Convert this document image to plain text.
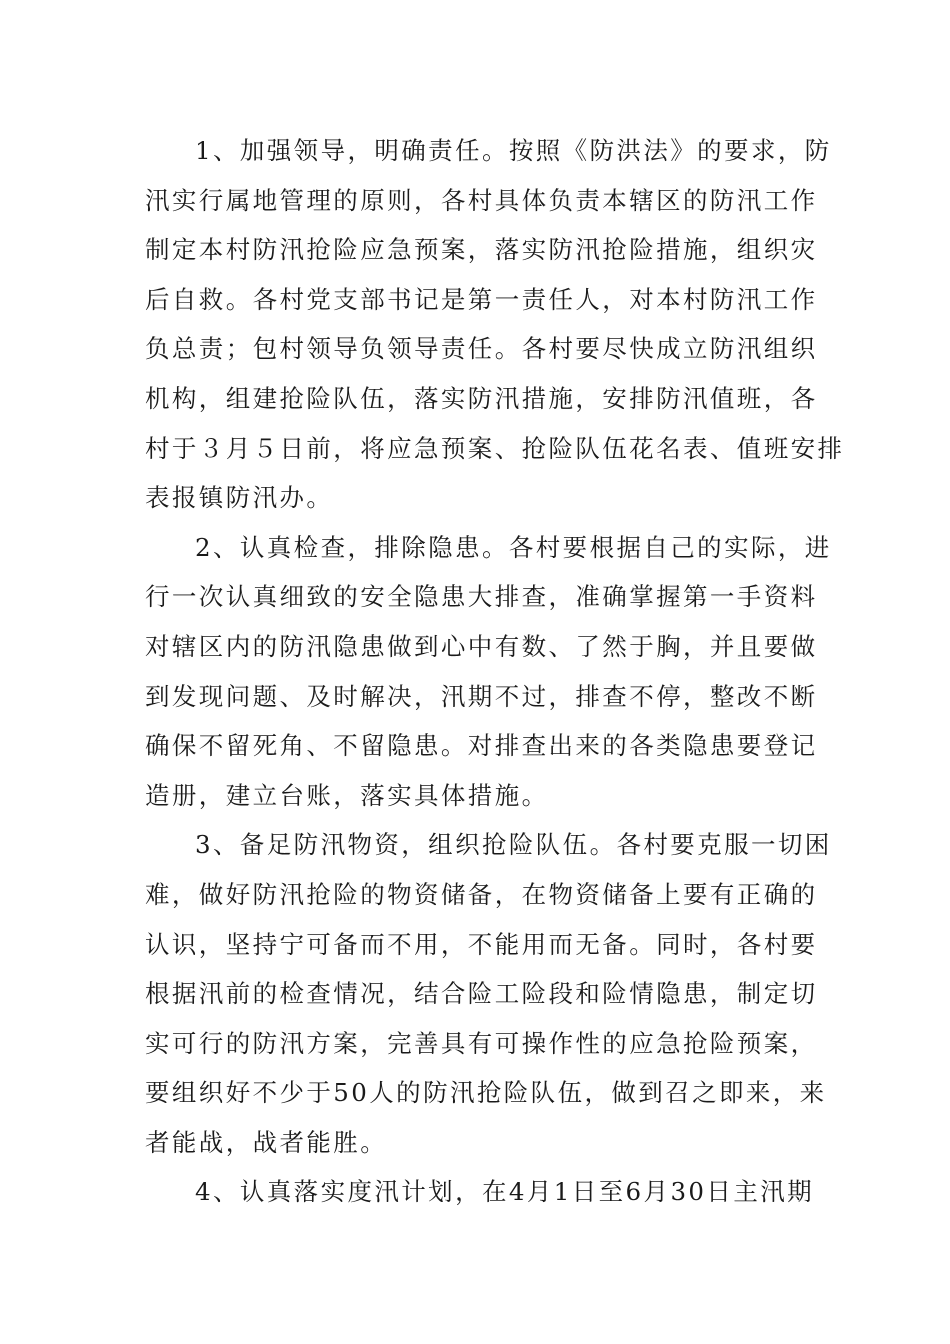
1、加强领导，明确责任。按照《防洪法》的要求，防
汛实行属地管理的原则，各村具体负责本辖区的防汛工作
制定本村防汛抢险应急预案，落实防汛抢险措施，组织灾
后自救。各村党支部书记是第一责任人，对本村防汛工作
负总责；包村领导负领导责任。各村要尽快成立防汛组织
机构，组建抢险队伍，落实防汛措施，安排防汛值班，各
村于３月５日前，将应急预案、抢险队伍花名表、值班安排
表报镇防汛办。
2、认真检查，排除隐患。各村要根据自己的实际，进
行一次认真细致的安全隐患大排查，准确掌握第一手资料
对辖区内的防汛隐患做到心中有数、了然于胸，并且要做
到发现问题、及时解决，汛期不过，排查不停，整改不断
确保不留死角、不留隐患。对排查出来的各类隐患要登记
造册，建立台账，落实具体措施。
3、备足防汛物资，组织抢险队伍。各村要克服一切困
难，做好防汛抢险的物资储备，在物资储备上要有正确的
认识，坚持宁可备而不用，不能用而无备。同时，各村要
根据汛前的检查情况，结合险工险段和险情隐患，制定切
实可行的防汛方案，完善具有可操作性的应急抢险预案，
要组织好不少于50人的防汛抢险队伍，做到召之即来，来
者能战，战者能胜。
4、认真落实度汛计划，在4月1日至6月30日主汛期
